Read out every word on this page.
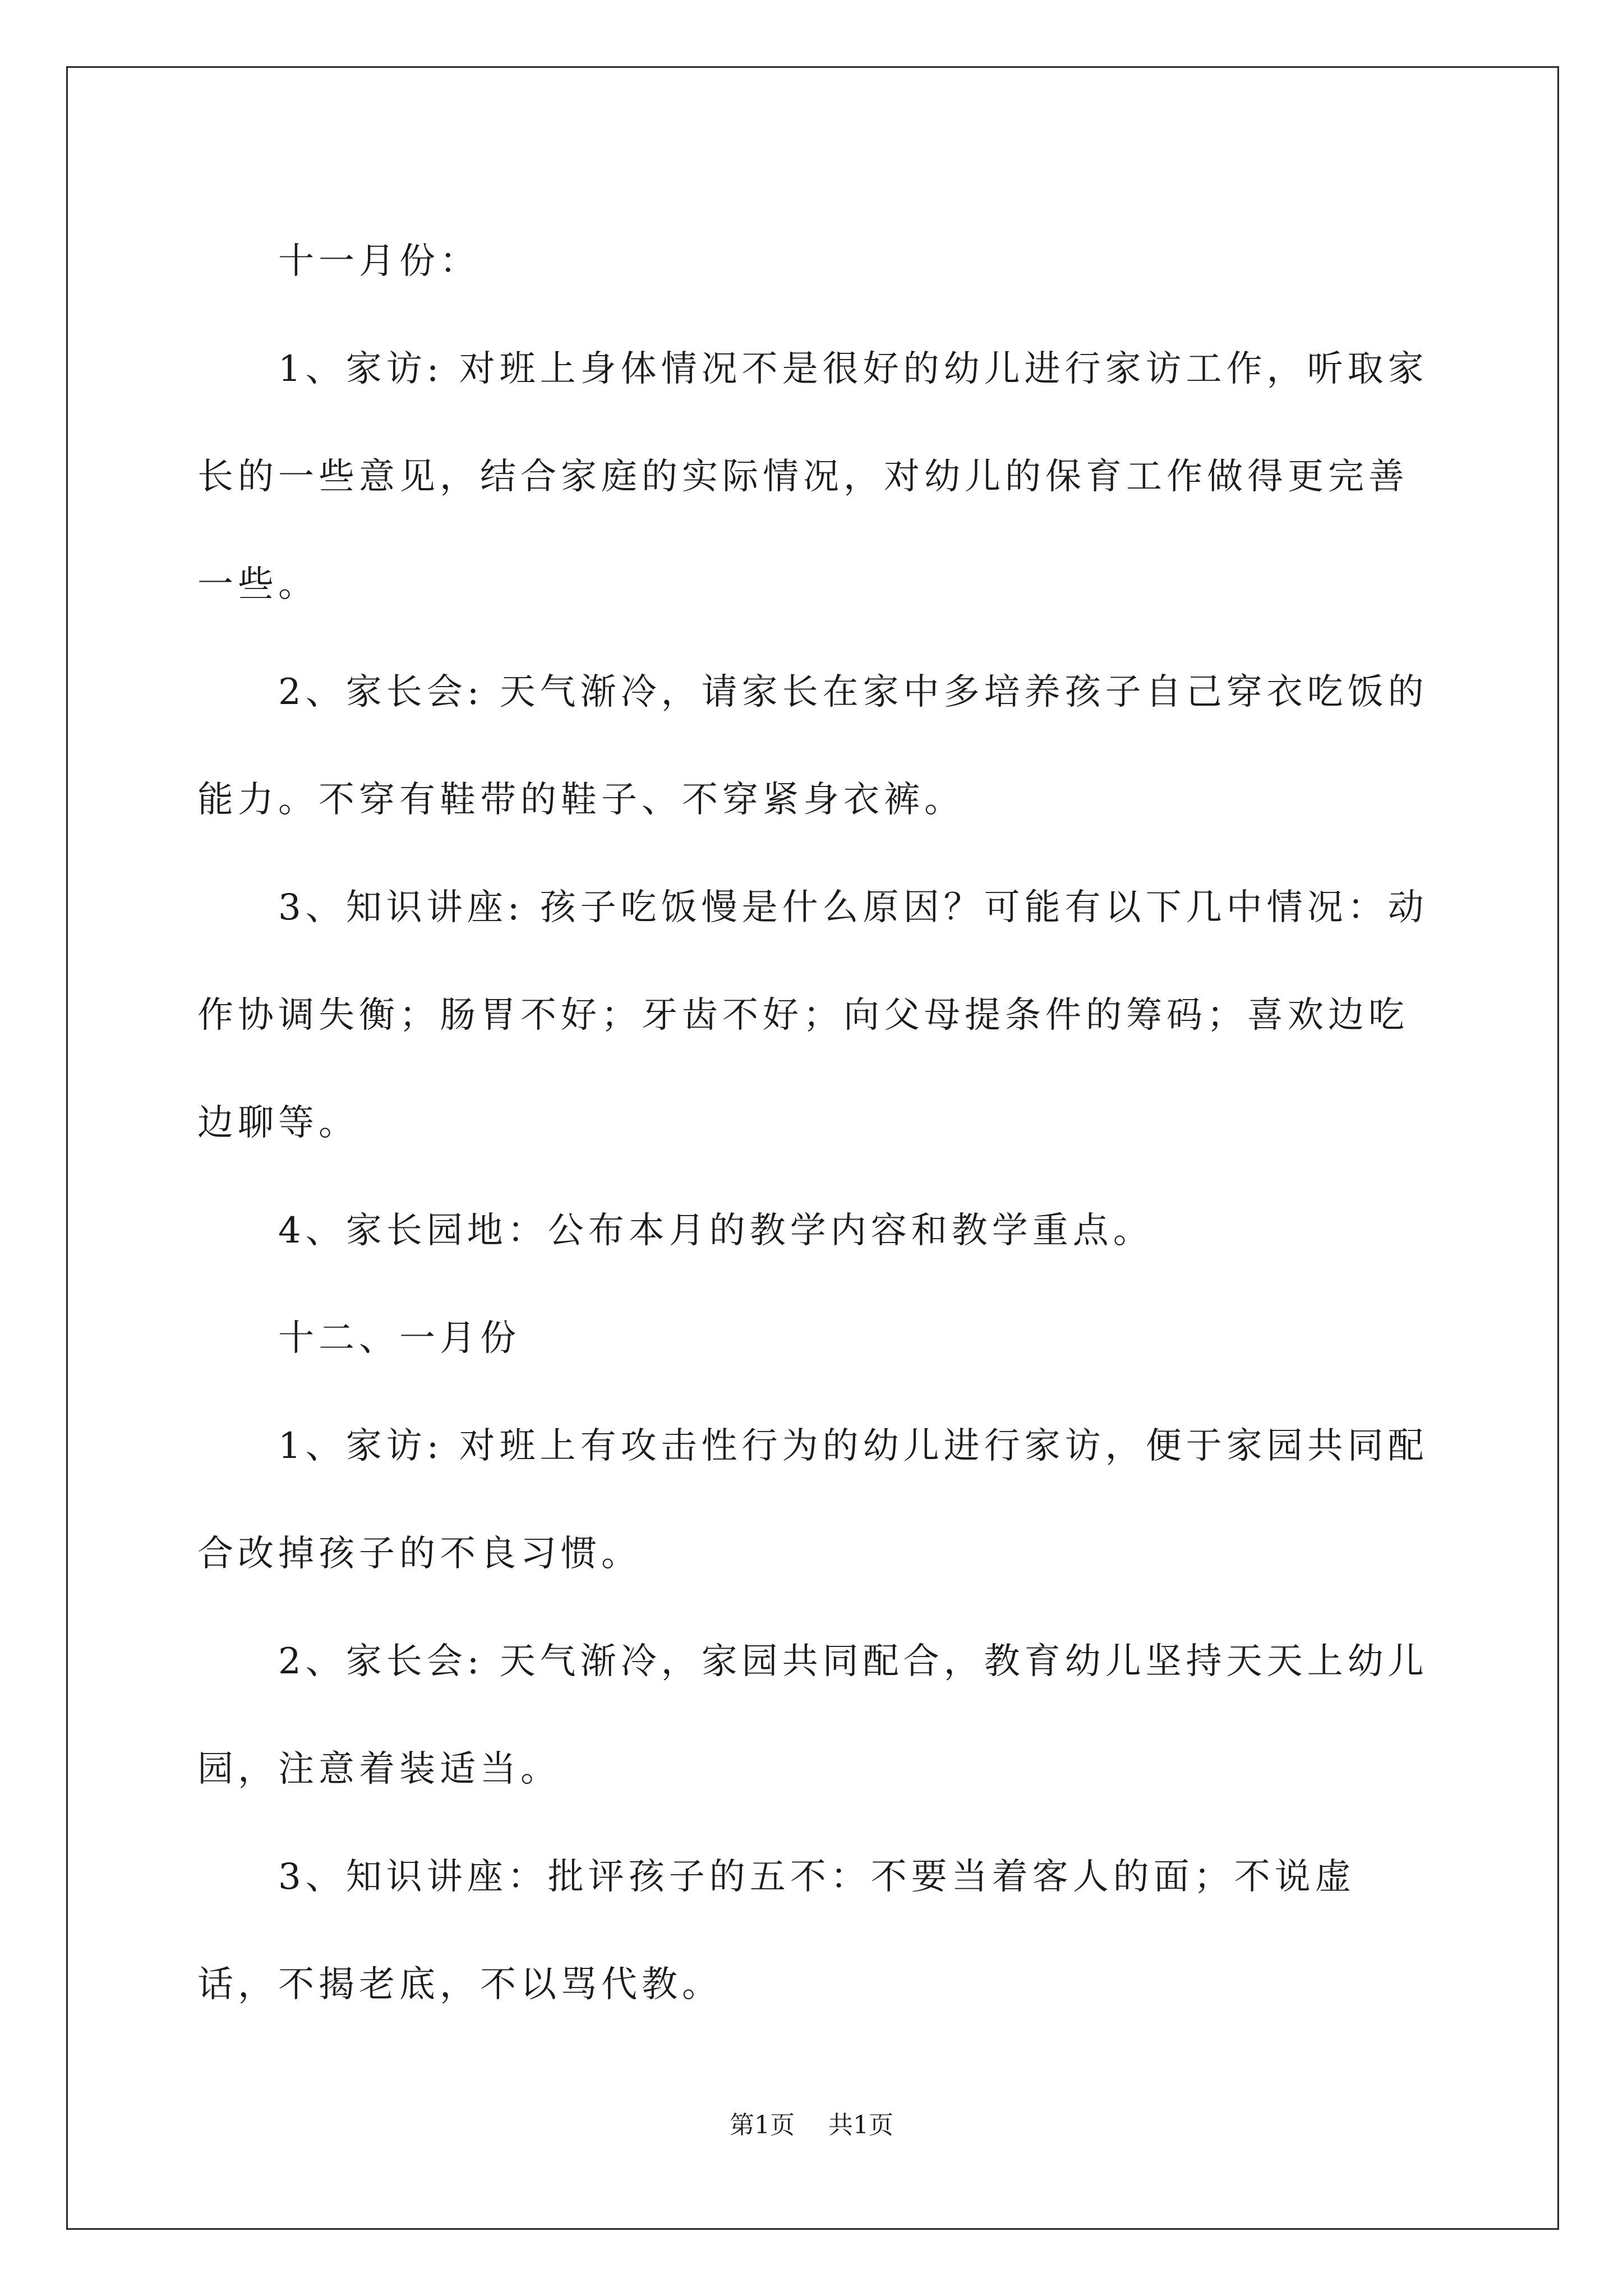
十一月份：

1、家访: 对班上身体情况不是很好的幼儿进行家访工作，听取家长的一些意见，结合家庭的实际情况，对幼儿的保育工作做得更完善一些。

2、家长会: 天气渐冷，请家长在家中多培养孩子自己穿衣吃饭的能力。不穿有鞋带的鞋子、不穿紧身衣裤。

3、知识讲座: 孩子吃饭慢是什么原因？可能有以下几中情况：动作协调失衡；肠胃不好；牙齿不好；向父母提条件的筹码；喜欢边吃边聊等。

4、家长园地：公布本月的教学内容和教学重点。

十二、一月份

1、家访: 对班上有攻击性行为的幼儿进行家访，便于家园共同配合改掉孩子的不良习惯。

2、家长会: 天气渐冷，家园共同配合，教育幼儿坚持天天上幼儿园，注意着装适当。

3、知识讲座：批评孩子的五不：不要当着客人的面；不说虚话，不揭老底，不以骂代教。

第1页 共1页
